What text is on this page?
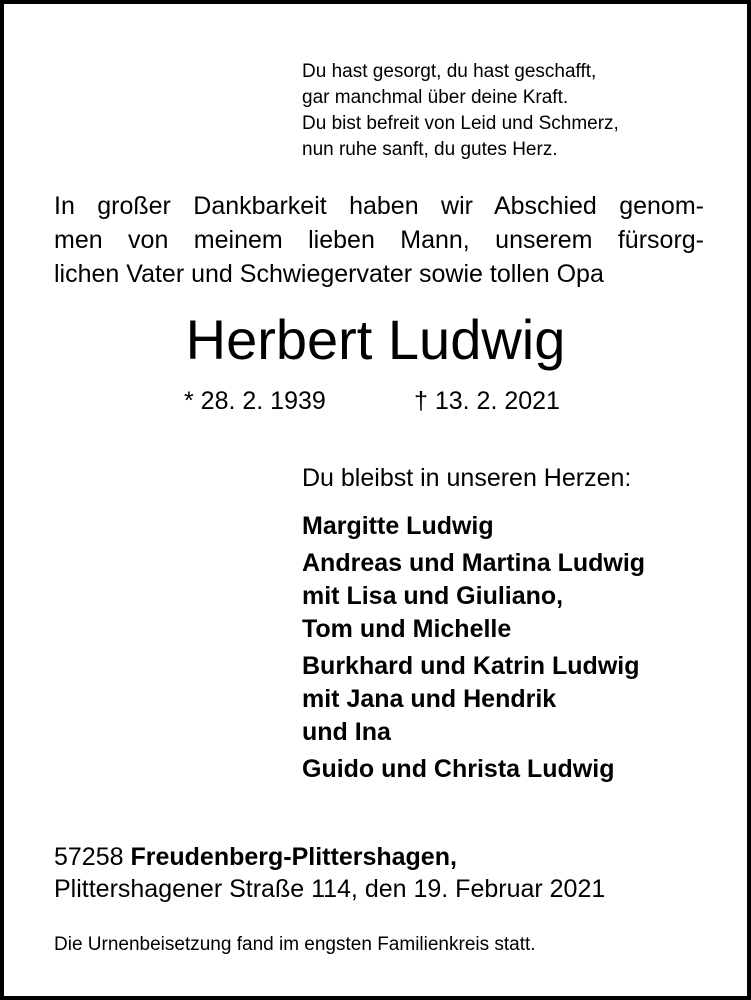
Du hast gesorgt, du hast geschafft,
gar manchmal über deine Kraft.
Du bist befreit von Leid und Schmerz,
nun ruhe sanft, du gutes Herz.
In großer Dankbarkeit haben wir Abschied genom-
men von meinem lieben Mann, unserem fürsorg-
lichen Vater und Schwiegervater sowie tollen Opa
Herbert Ludwig
* 28. 2. 1939	† 13. 2. 2021
Du bleibst in unseren Herzen:
Margitte Ludwig
Andreas und Martina Ludwig
mit Lisa und Giuliano,
Tom und Michelle
Burkhard und Katrin Ludwig
mit Jana und Hendrik
und Ina
Guido und Christa Ludwig
57258 Freudenberg-Plittershagen,
Plittershagener Straße 114, den 19. Februar 2021
Die Urnenbeisetzung fand im engsten Familienkreis statt.
